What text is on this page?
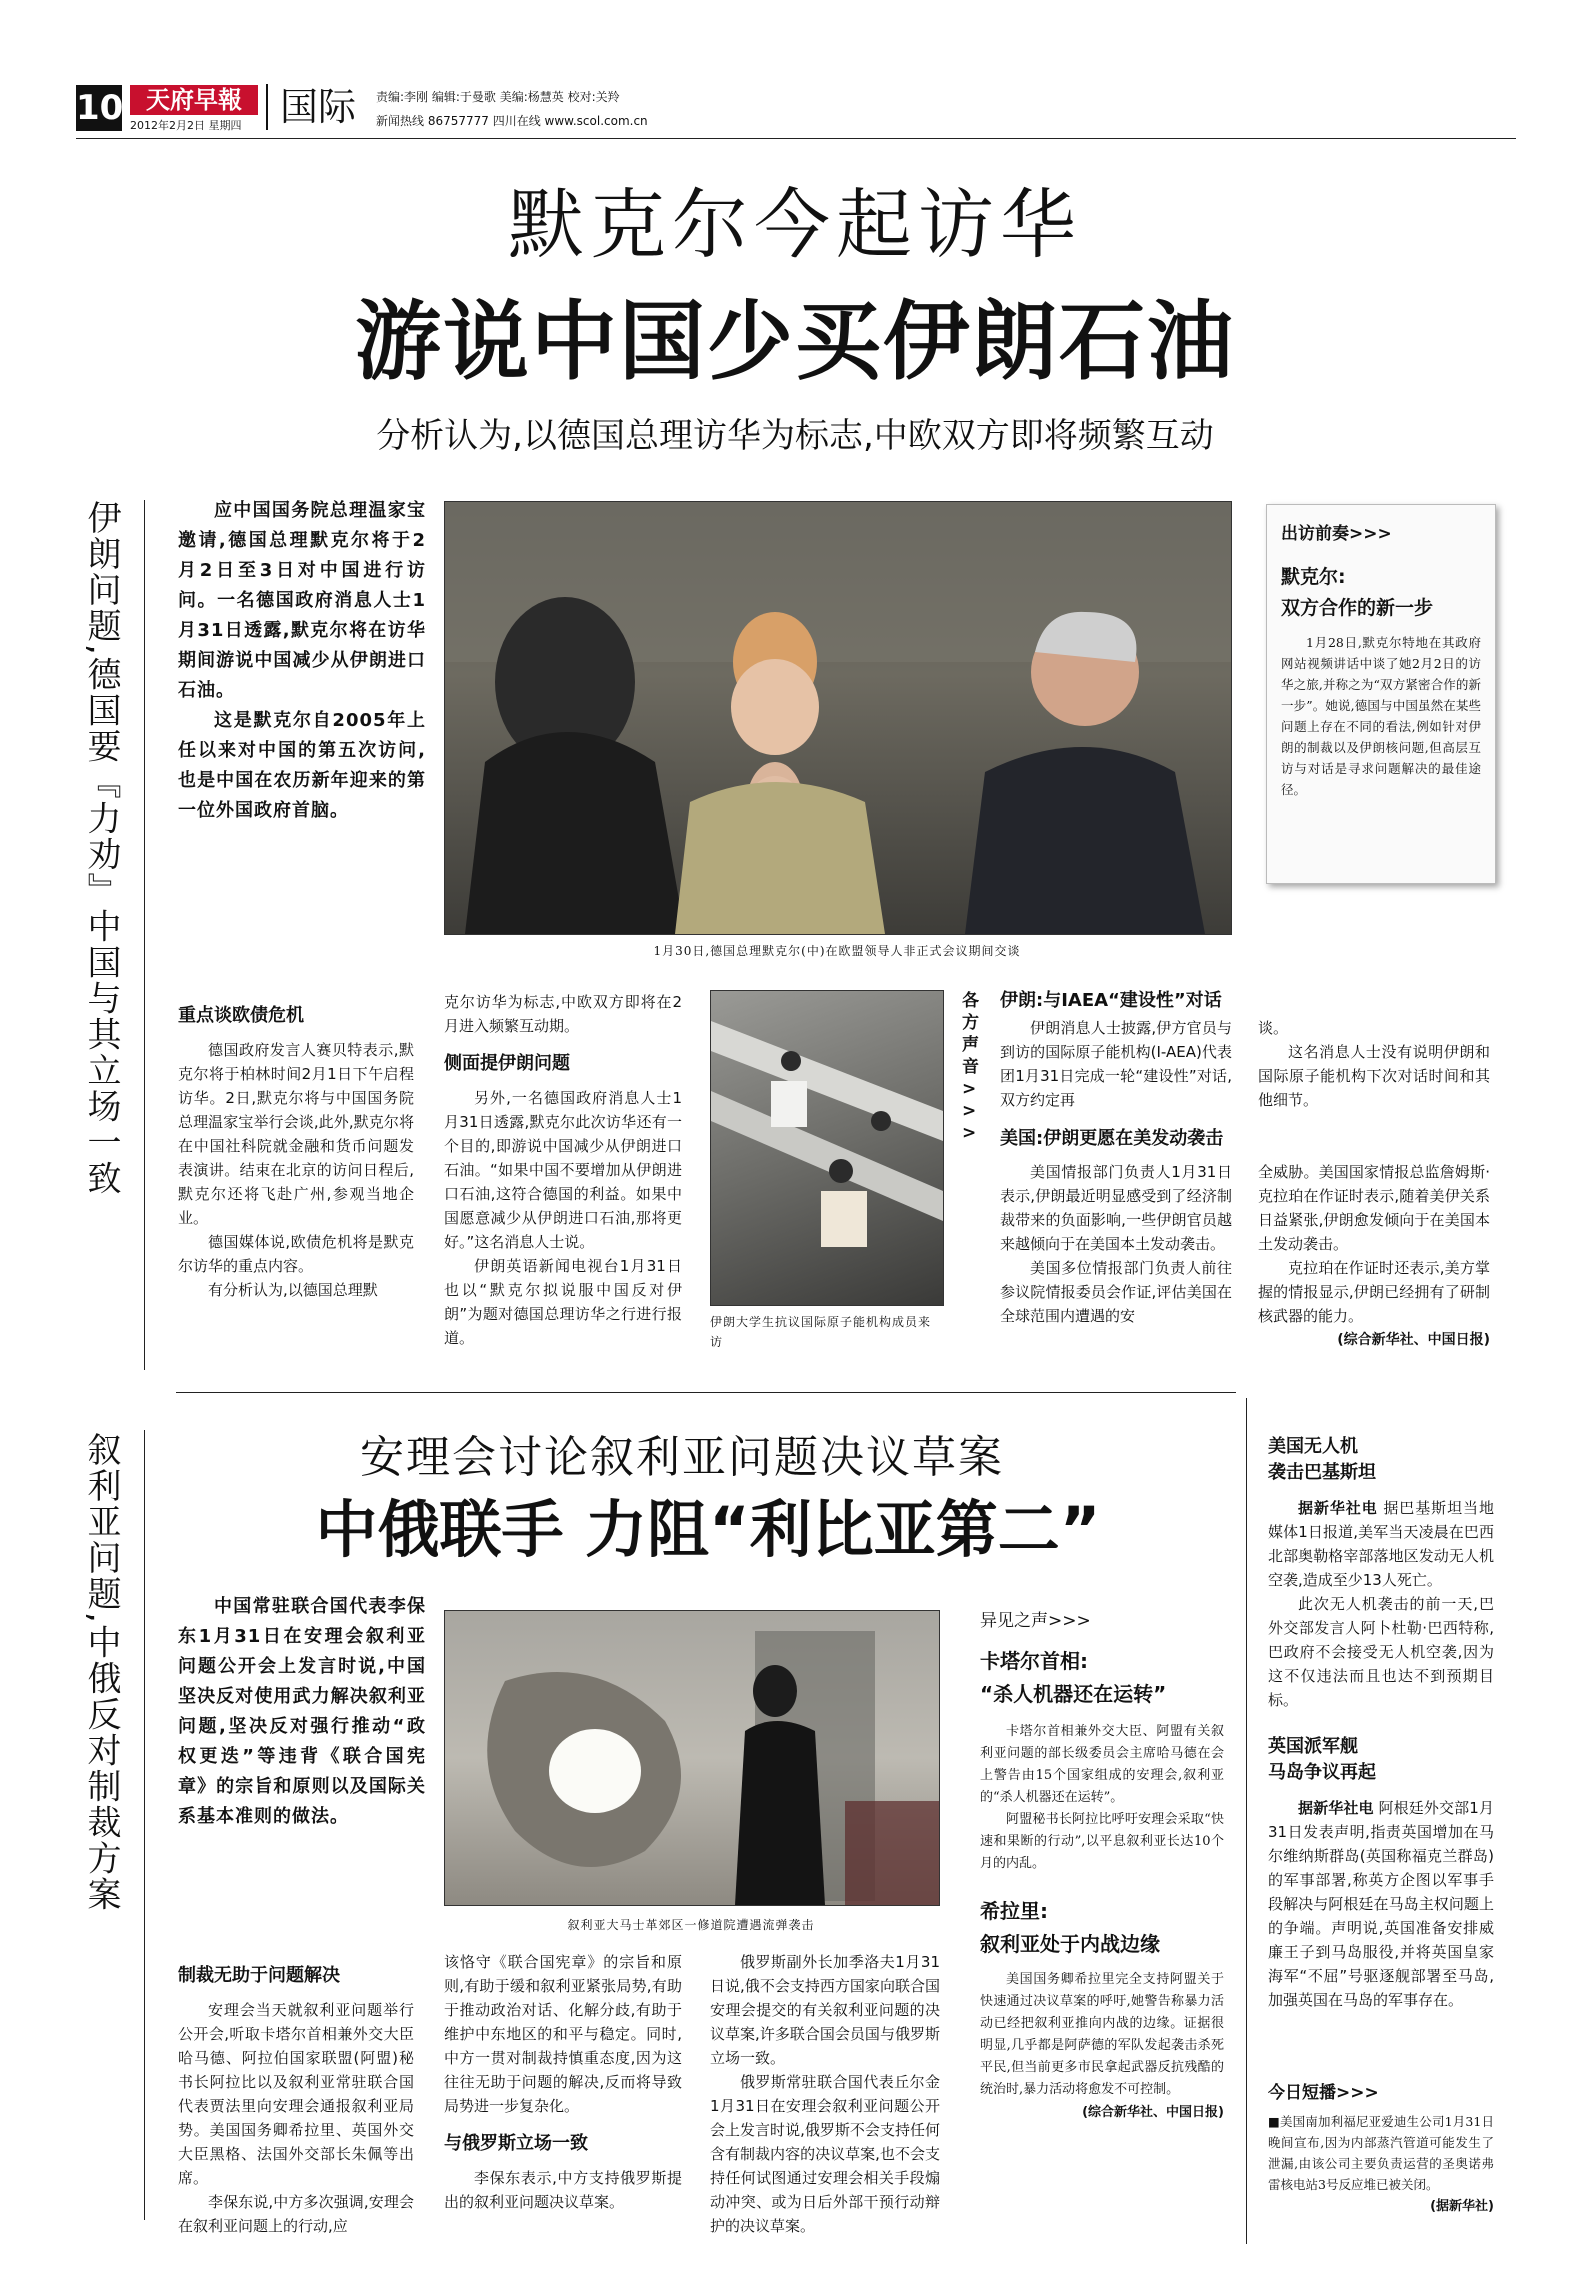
10 天府早報
2012年2月2日 星期四	国际 责编:李刚 编辑:于曼歌 美编:杨慧英 校对:关羚
新闻热线 86757777 四川在线 www.scol.com.cn
默克尔今起访华
游说中国少买伊朗石油
分析认为,以德国总理访华为标志,中欧双方即将频繁互动
伊朗问题,德国要『力劝』中国与其立场一致	应中国国务院总理温家宝邀请,德国总理默克尔将于2月2日至3日对中国进行访问。一名德国政府消息人士1月31日透露,默克尔将在访华期间游说中国减少从伊朗进口石油。

这是默克尔自2005年上任以来对中国的第五次访问,也是中国在农历新年迎来的第一位外国政府首脑。

1月30日,德国总理默克尔(中)在欧盟领导人非正式会议期间交谈
出访前奏 >>>
默克尔:
双方合作的新一步

1月28日,默克尔特地在其政府网站视频讲话中谈了她2月2日的访华之旅,并称之为“双方紧密合作的新一步”。她说,德国与中国虽然在某些问题上存在不同的看法,例如针对伊朗的制裁以及伊朗核问题,但高层互访与对话是寻求问题解决的最佳途径。

重点谈欧债危机

德国政府发言人赛贝特表示,默克尔将于柏林时间2月1日下午启程访华。2日,默克尔将与中国国务院总理温家宝举行会谈,此外,默克尔将在中国社科院就金融和货币问题发表演讲。结束在北京的访问日程后,默克尔还将飞赴广州,参观当地企业。

德国媒体说,欧债危机将是默克尔访华的重点内容。

有分析认为,以德国总理默

克尔访华为标志,中欧双方即将在2月进入频繁互动期。

侧面提伊朗问题

另外,一名德国政府消息人士1月31日透露,默克尔此次访华还有一个目的,即游说中国减少从伊朗进口石油。“如果中国不要增加从伊朗进口石油,这符合德国的利益。如果中国愿意减少从伊朗进口石油,那将更好。”这名消息人士说。

伊朗英语新闻电视台1月31日也以“默克尔拟说服中国反对伊朗”为题对德国总理访华之行进行报道。

伊朗大学生抗议国际原子能机构成员来访
各方声音>>>
伊朗:与IAEA“建设性”对话

伊朗消息人士披露,伊方官员与到访的国际原子能机构(I-AEA)代表团1月31日完成一轮“建设性”对话,双方约定再

谈。

这名消息人士没有说明伊朗和国际原子能机构下次对话时间和其他细节。

美国:伊朗更愿在美发动袭击

美国情报部门负责人1月31日表示,伊朗最近明显感受到了经济制裁带来的负面影响,一些伊朗官员越来越倾向于在美国本土发动袭击。

美国多位情报部门负责人前往参议院情报委员会作证,评估美国在全球范围内遭遇的安

全威胁。美国国家情报总监詹姆斯·克拉珀在作证时表示,随着美伊关系日益紧张,伊朗愈发倾向于在美国本土发动袭击。

克拉珀在作证时还表示,美方掌握的情报显示,伊朗已经拥有了研制核武器的能力。

(综合新华社、中国日报)
叙利亚问题,中俄反对制裁方案	安理会讨论叙利亚问题决议草案
中俄联手 力阻“利比亚第二”

中国常驻联合国代表李保东1月31日在安理会叙利亚问题公开会上发言时说,中国坚决反对使用武力解决叙利亚问题,坚决反对强行推动“政权更迭”等违背《联合国宪章》的宗旨和原则以及国际关系基本准则的做法。

叙利亚大马士革郊区一修道院遭遇流弹袭击
异见之声 >>>
卡塔尔首相:
“杀人机器还在运转”

卡塔尔首相兼外交大臣、阿盟有关叙利亚问题的部长级委员会主席哈马德在会上警告由15个国家组成的安理会,叙利亚的“杀人机器还在运转”。

阿盟秘书长阿拉比呼吁安理会采取“快速和果断的行动”,以平息叙利亚长达10个月的内乱。

希拉里:
叙利亚处于内战边缘

美国国务卿希拉里完全支持阿盟关于快速通过决议草案的呼吁,她警告称暴力活动已经把叙利亚推向内战的边缘。证据很明显,几乎都是阿萨德的军队发起袭击杀死平民,但当前更多市民拿起武器反抗残酷的统治时,暴力活动将愈发不可控制。

(综合新华社、中国日报)
制裁无助于问题解决

安理会当天就叙利亚问题举行公开会,听取卡塔尔首相兼外交大臣哈马德、阿拉伯国家联盟(阿盟)秘书长阿拉比以及叙利亚常驻联合国代表贾法里向安理会通报叙利亚局势。美国国务卿希拉里、英国外交大臣黑格、法国外交部长朱佩等出席。

李保东说,中方多次强调,安理会在叙利亚问题上的行动,应

该恪守《联合国宪章》的宗旨和原则,有助于缓和叙利亚紧张局势,有助于推动政治对话、化解分歧,有助于维护中东地区的和平与稳定。同时,中方一贯对制裁持慎重态度,因为这往往无助于问题的解决,反而将导致局势进一步复杂化。

与俄罗斯立场一致

李保东表示,中方支持俄罗斯提出的叙利亚问题决议草案。

俄罗斯副外长加季洛夫1月31日说,俄不会支持西方国家向联合国安理会提交的有关叙利亚问题的决议草案,许多联合国会员国与俄罗斯立场一致。

俄罗斯常驻联合国代表丘尔金1月31日在安理会叙利亚问题公开会上发言时说,俄罗斯不会支持任何含有制裁内容的决议草案,也不会支持任何试图通过安理会相关手段煽动冲突、或为日后外部干预行动辩护的决议草案。

美国无人机
袭击巴基斯坦

据新华社电 据巴基斯坦当地媒体1日报道,美军当天凌晨在巴西北部奥勒格宰部落地区发动无人机空袭,造成至少13人死亡。

此次无人机袭击的前一天,巴外交部发言人阿卜杜勒·巴西特称,巴政府不会接受无人机空袭,因为这不仅违法而且也达不到预期目标。

英国派军舰
马岛争议再起

据新华社电 阿根廷外交部1月31日发表声明,指责英国增加在马尔维纳斯群岛(英国称福克兰群岛)的军事部署,称英方企图以军事手段解决与阿根廷在马岛主权问题上的争端。声明说,英国准备安排威廉王子到马岛服役,并将英国皇家海军“不屈”号驱逐舰部署至马岛,加强英国在马岛的军事存在。

今日短播 >>>

■美国南加利福尼亚爱迪生公司1月31日晚间宣布,因为内部蒸汽管道可能发生了泄漏,由该公司主要负责运营的圣奥诺弗雷核电站3号反应堆已被关闭。

(据新华社)
